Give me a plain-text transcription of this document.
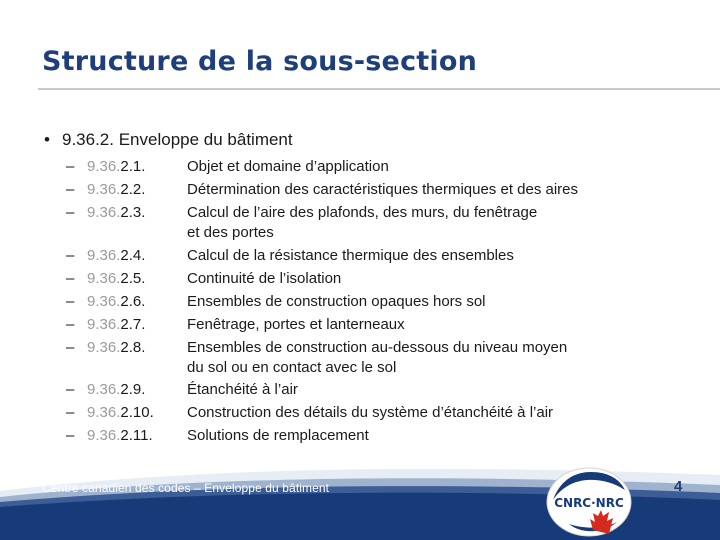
Structure de la sous-section
• 9.36.2. Enveloppe du bâtiment
– 9.36.2.1.	Objet et domaine d’application
– 9.36.2.2.	Détermination des caractéristiques thermiques et des aires
– 9.36.2.3.	Calcul de l’aire des plafonds, des murs, du fenêtrage
et des portes
– 9.36.2.4.	Calcul de la résistance thermique des ensembles
– 9.36.2.5.	Continuité de l’isolation
– 9.36.2.6.	Ensembles de construction opaques hors sol
– 9.36.2.7.	Fenêtrage, portes et lanterneaux
– 9.36.2.8.	Ensembles de construction au-dessous du niveau moyen
du sol ou en contact avec le sol
– 9.36.2.9.	Étanchéité à l’air
– 9.36.2.10. Construction des détails du système d’étanchéité à l’air
– 9.36.2.11. Solutions de remplacement
Centre canadien des codes – Enveloppe du bâtiment
CNRC·NRC
4
